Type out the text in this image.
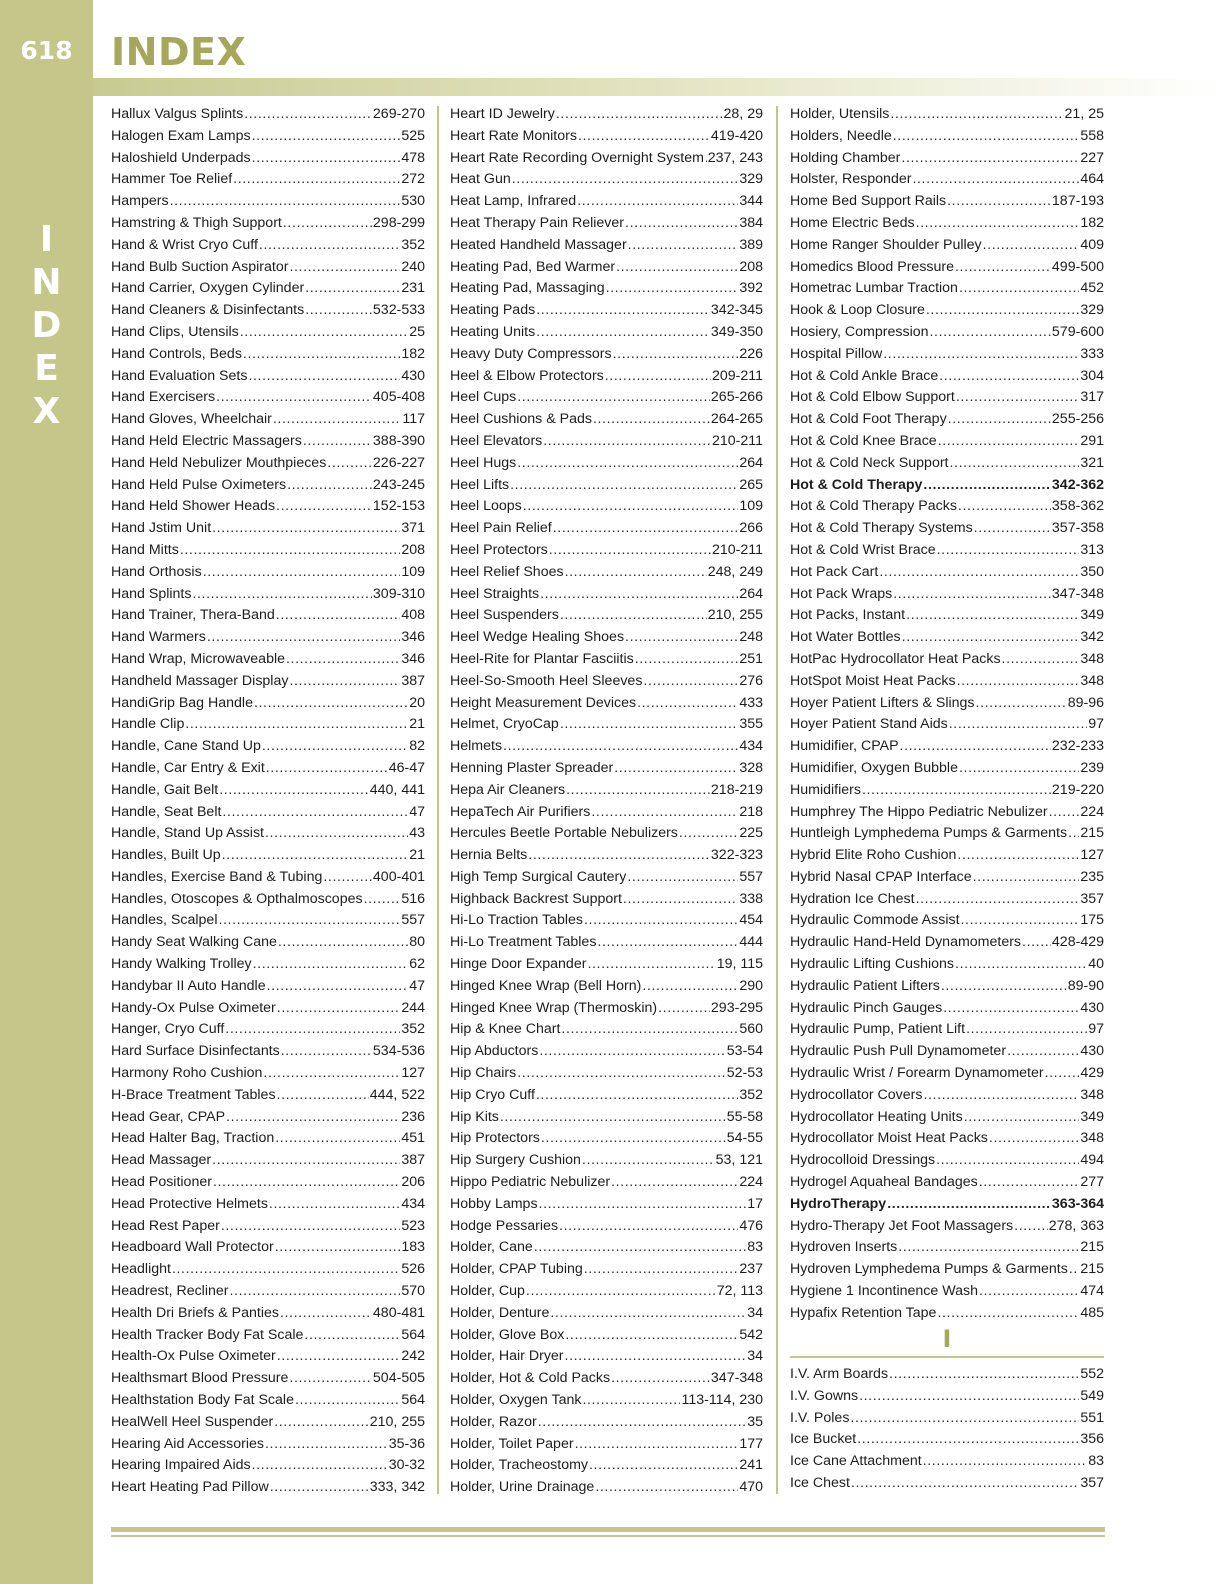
618
I
N
D
E
X
INDEX
Hallux Valgus Splints .....	269-270
Halogen Exam Lamps .....	525
Haloshield Underpads .....	478
Hammer Toe Relief .....	272
Hampers .....	530
Hamstring & Thigh Support .....	298-299
Hand & Wrist Cryo Cuff .....	352
Hand Bulb Suction Aspirator .....	240
Hand Carrier, Oxygen Cylinder .....	231
Hand Cleaners & Disinfectants .....	532-533
Hand Clips, Utensils .....	25
Hand Controls, Beds .....	182
Hand Evaluation Sets .....	430
Hand Exercisers .....	405-408
Hand Gloves, Wheelchair .....	117
Hand Held Electric Massagers .....	388-390
Hand Held Nebulizer Mouthpieces .....	226-227
Hand Held Pulse Oximeters .....	243-245
Hand Held Shower Heads .....	152-153
Hand Jstim Unit .....	371
Hand Mitts .....	208
Hand Orthosis .....	109
Hand Splints .....	309-310
Hand Trainer, Thera-Band .....	408
Hand Warmers .....	346
Hand Wrap, Microwaveable .....	346
Handheld Massager Display .....	387
HandiGrip Bag Handle .....	20
Handle Clip .....	21
Handle, Cane Stand Up .....	82
Handle, Car Entry & Exit .....	46-47
Handle, Gait Belt .....	440, 441
Handle, Seat Belt .....	47
Handle, Stand Up Assist .....	43
Handles, Built Up .....	21
Handles, Exercise Band & Tubing .....	400-401
Handles, Otoscopes & Opthalmoscopes .....	516
Handles, Scalpel .....	557
Handy Seat Walking Cane .....	80
Handy Walking Trolley .....	62
Handybar II Auto Handle .....	47
Handy-Ox Pulse Oximeter .....	244
Hanger, Cryo Cuff .....	352
Hard Surface Disinfectants .....	534-536
Harmony Roho Cushion .....	127
H-Brace Treatment Tables .....	444, 522
Head Gear, CPAP .....	236
Head Halter Bag, Traction .....	451
Head Massager .....	387
Head Positioner .....	206
Head Protective Helmets .....	434
Head Rest Paper .....	523
Headboard Wall Protector .....	183
Headlight .....	526
Headrest, Recliner .....	570
Health Dri Briefs & Panties .....	480-481
Health Tracker Body Fat Scale .....	564
Health-Ox Pulse Oximeter .....	242
Healthsmart Blood Pressure .....	504-505
Healthstation Body Fat Scale .....	564
HealWell Heel Suspender .....	210, 255
Hearing Aid Accessories .....	35-36
Hearing Impaired Aids .....	30-32
Heart Heating Pad Pillow .....	333, 342
Heart ID Jewelry .....	28, 29
Heart Rate Monitors .....	419-420
Heart Rate Recording Overnight System ..... 237, 243
Heat Gun .....	329
Heat Lamp, Infrared .....	344
Heat Therapy Pain Reliever .....	384
Heated Handheld Massager .....	389
Heating Pad, Bed Warmer .....	208
Heating Pad, Massaging .....	392
Heating Pads .....	342-345
Heating Units .....	349-350
Heavy Duty Compressors .....	226
Heel & Elbow Protectors .....	209-211
Heel Cups .....	265-266
Heel Cushions & Pads .....	264-265
Heel Elevators .....	210-211
Heel Hugs .....	264
Heel Lifts .....	265
Heel Loops .....	109
Heel Pain Relief .....	266
Heel Protectors .....	210-211
Heel Relief Shoes .....	248, 249
Heel Straights .....	264
Heel Suspenders .....	210, 255
Heel Wedge Healing Shoes .....	248
Heel-Rite for Plantar Fasciitis .....	251
Heel-So-Smooth Heel Sleeves .....	276
Height Measurement Devices .....	433
Helmet, CryoCap .....	355
Helmets .....	434
Henning Plaster Spreader .....	328
Hepa Air Cleaners .....	218-219
HepaTech Air Purifiers .....	218
Hercules Beetle Portable Nebulizers .....	225
Hernia Belts .....	322-323
High Temp Surgical Cautery .....	557
Highback Backrest Support .....	338
Hi-Lo Traction Tables .....	454
Hi-Lo Treatment Tables .....	444
Hinge Door Expander .....	19, 115
Hinged Knee Wrap (Bell Horn) .....	290
Hinged Knee Wrap (Thermoskin) .....	293-295
Hip & Knee Chart .....	560
Hip Abductors .....	53-54
Hip Chairs .....	52-53
Hip Cryo Cuff .....	352
Hip Kits .....	55-58
Hip Protectors .....	54-55
Hip Surgery Cushion .....	53, 121
Hippo Pediatric Nebulizer .....	224
Hobby Lamps .....	17
Hodge Pessaries .....	476
Holder, Cane .....	83
Holder, CPAP Tubing .....	237
Holder, Cup .....	72, 113
Holder, Denture .....	34
Holder, Glove Box .....	542
Holder, Hair Dryer .....	34
Holder, Hot & Cold Packs .....	347-348
Holder, Oxygen Tank .....	113-114, 230
Holder, Razor .....	35
Holder, Toilet Paper .....	177
Holder, Tracheostomy .....	241
Holder, Urine Drainage .....	470
Holder, Utensils .....	21, 25
Holders, Needle .....	558
Holding Chamber .....	227
Holster, Responder .....	464
Home Bed Support Rails .....	187-193
Home Electric Beds .....	182
Home Ranger Shoulder Pulley .....	409
Homedics Blood Pressure .....	499-500
Hometrac Lumbar Traction .....	452
Hook & Loop Closure .....	329
Hosiery, Compression .....	579-600
Hospital Pillow .....	333
Hot & Cold Ankle Brace .....	304
Hot & Cold Elbow Support .....	317
Hot & Cold Foot Therapy .....	255-256
Hot & Cold Knee Brace .....	291
Hot & Cold Neck Support .....	321
Hot & Cold Therapy .....	342-362
Hot & Cold Therapy Packs .....	358-362
Hot & Cold Therapy Systems .....	357-358
Hot & Cold Wrist Brace .....	313
Hot Pack Cart .....	350
Hot Pack Wraps .....	347-348
Hot Packs, Instant .....	349
Hot Water Bottles .....	342
HotPac Hydrocollator Heat Packs .....	348
HotSpot Moist Heat Packs .....	348
Hoyer Patient Lifters & Slings .....	89-96
Hoyer Patient Stand Aids .....	97
Humidifier, CPAP .....	232-233
Humidifier, Oxygen Bubble .....	239
Humidifiers .....	219-220
Humphrey The Hippo Pediatric Nebulizer ..... 224
Huntleigh Lymphedema Pumps & Garments ..... 215
Hybrid Elite Roho Cushion .....	127
Hybrid Nasal CPAP Interface .....	235
Hydration Ice Chest .....	357
Hydraulic Commode Assist .....	175
Hydraulic Hand-Held Dynamometers ..... 428-429
Hydraulic Lifting Cushions .....	40
Hydraulic Patient Lifters .....	89-90
Hydraulic Pinch Gauges .....	430
Hydraulic Pump, Patient Lift .....	97
Hydraulic Push Pull Dynamometer .....	430
Hydraulic Wrist / Forearm Dynamometer .....	429
Hydrocollator Covers .....	348
Hydrocollator Heating Units .....	349
Hydrocollator Moist Heat Packs .....	348
Hydrocolloid Dressings .....	494
Hydrogel Aquaheal Bandages .....	277
HydroTherapy .....	363-364
Hydro-Therapy Jet Foot Massagers .....	278, 363
Hydroven Inserts .....	215
Hydroven Lymphedema Pumps & Garments ..... 215
Hygiene 1 Incontinence Wash .....	474
Hypafix Retention Tape .....	485
I
I.V. Arm Boards .....	552
I.V. Gowns .....	549
I.V. Poles .....	551
Ice Bucket .....	356
Ice Cane Attachment .....	83
Ice Chest .....	357
